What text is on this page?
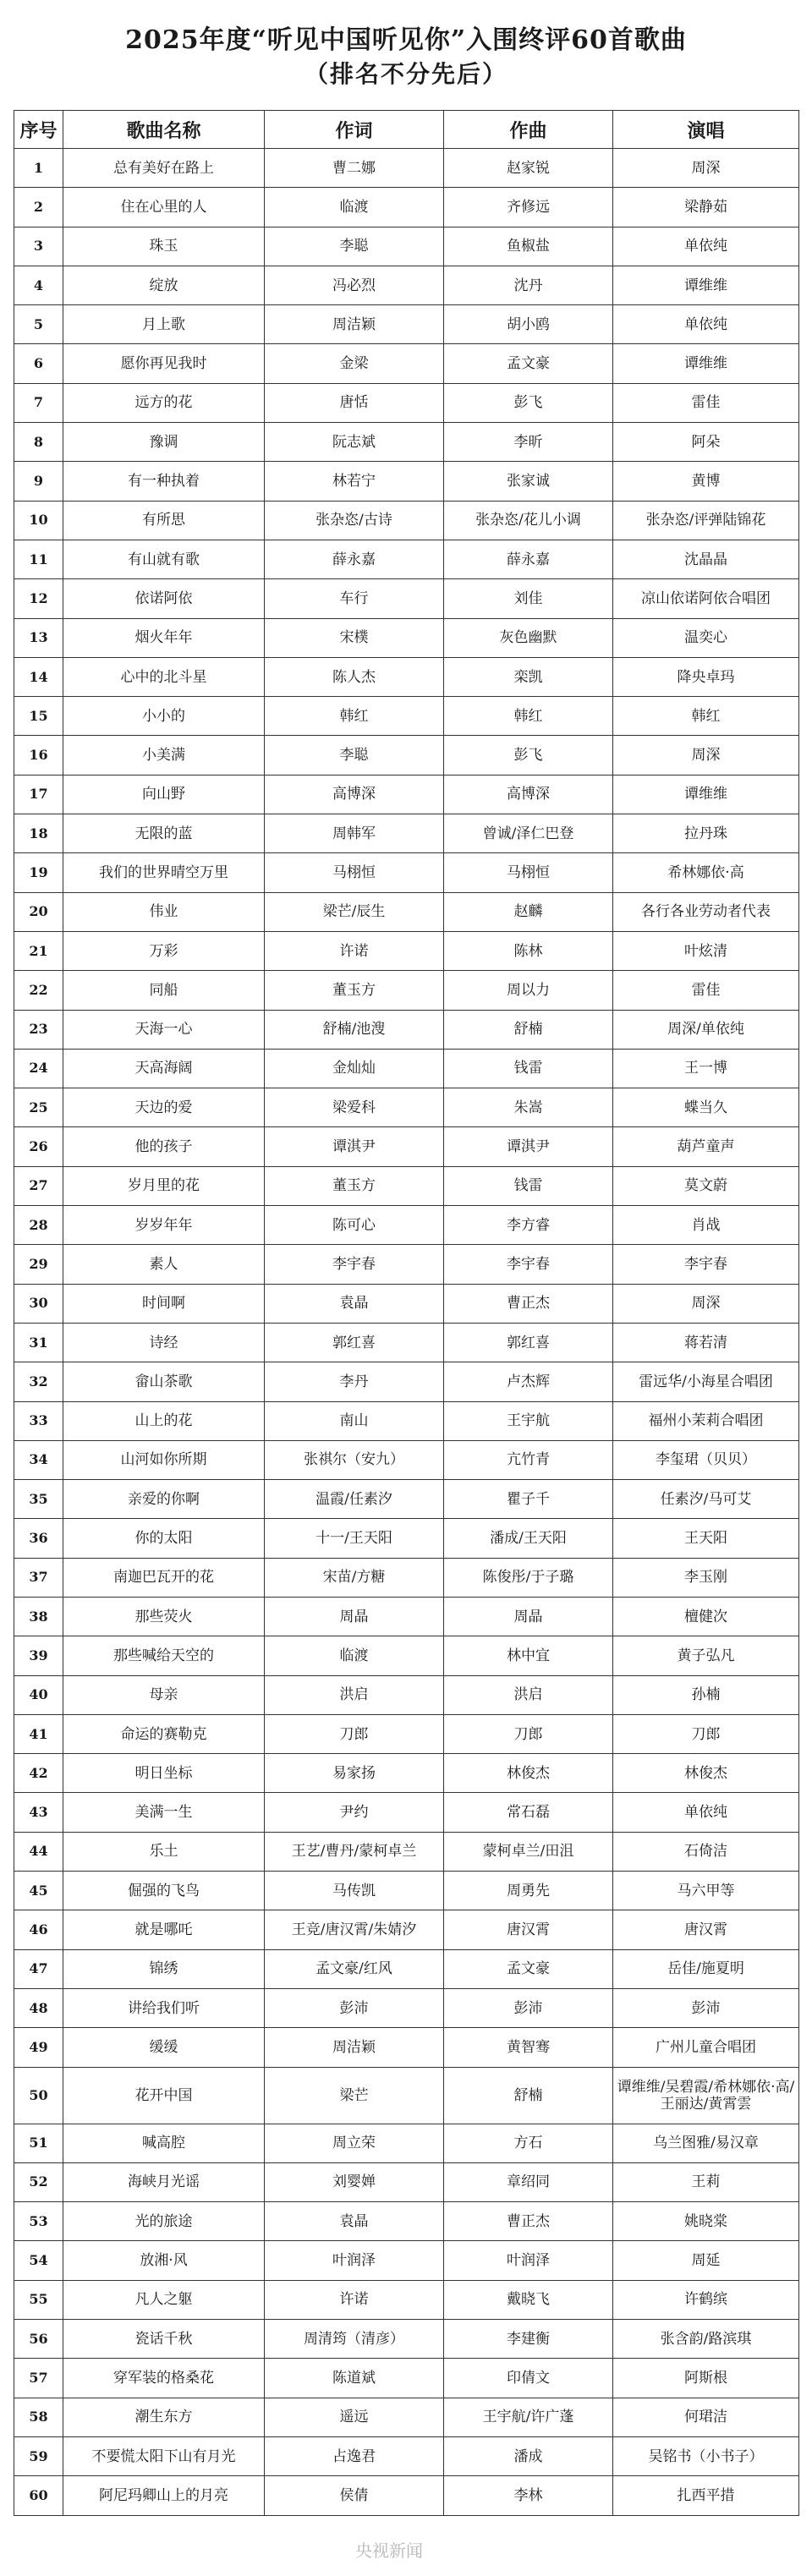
2025年度“听见中国听见你”入围终评60首歌曲
（排名不分先后）
序号	歌曲名称	作词	作曲	演唱
1	总有美好在路上	曹二娜	赵家锐	周深
2	住在心里的人	临渡	齐修远	梁静茹
3	珠玉	李聪	鱼椒盐	单依纯
4	绽放	冯必烈	沈丹	谭维维
5	月上歌	周洁颖	胡小鸥	单依纯
6	愿你再见我时	金梁	孟文豪	谭维维
7	远方的花	唐恬	彭飞	雷佳
8	豫调	阮志斌	李昕	阿朵
9	有一种执着	林若宁	张家诚	黄博
10	有所思	张杂恣/古诗	张杂恣/花儿小调	张杂恣/评弹陆锦花
11	有山就有歌	薛永嘉	薛永嘉	沈晶晶
12	依诺阿依	车行	刘佳	凉山依诺阿依合唱团
13	烟火年年	宋樸	灰色幽默	温奕心
14	心中的北斗星	陈人杰	栾凯	降央卓玛
15	小小的	韩红	韩红	韩红
16	小美满	李聪	彭飞	周深
17	向山野	高博深	高博深	谭维维
18	无限的蓝	周韩军	曾诚/泽仁巴登	拉丹珠
19	我们的世界晴空万里	马栩恒	马栩恒	希林娜依·高
20	伟业	梁芒/辰生	赵麟	各行各业劳动者代表
21	万彩	许诺	陈林	叶炫清
22	同船	董玉方	周以力	雷佳
23	天海一心	舒楠/池溲	舒楠	周深/单依纯
24	天高海阔	金灿灿	钱雷	王一博
25	天边的爱	梁爱科	朱嵩	蝶当久
26	他的孩子	谭淇尹	谭淇尹	葫芦童声
27	岁月里的花	董玉方	钱雷	莫文蔚
28	岁岁年年	陈可心	李方睿	肖战
29	素人	李宇春	李宇春	李宇春
30	时间啊	袁晶	曹正杰	周深
31	诗经	郭红喜	郭红喜	蒋若清
32	畲山茶歌	李丹	卢杰辉	雷远华/小海星合唱团
33	山上的花	南山	王宇航	福州小茉莉合唱团
34	山河如你所期	张祺尔（安九）	亢竹青	李玺珺（贝贝）
35	亲爱的你啊	温霞/任素汐	瞿子千	任素汐/马可艾
36	你的太阳	十一/王天阳	潘成/王天阳	王天阳
37	南迦巴瓦开的花	宋苗/方糖	陈俊彤/于子璐	李玉刚
38	那些荧火	周晶	周晶	檀健次
39	那些喊给天空的	临渡	林中宜	黄子弘凡
40	母亲	洪启	洪启	孙楠
41	命运的赛勒克	刀郎	刀郎	刀郎
42	明日坐标	易家扬	林俊杰	林俊杰
43	美满一生	尹约	常石磊	单依纯
44	乐土	王艺/曹丹/蒙柯卓兰	蒙柯卓兰/田沮	石倚洁
45	倔强的飞鸟	马传凯	周勇先	马六甲等
46	就是哪吒	王竞/唐汉霄/朱婧汐	唐汉霄	唐汉霄
47	锦绣	孟文豪/红风	孟文豪	岳佳/施夏明
48	讲给我们听	彭沛	彭沛	彭沛
49	缓缓	周洁颖	黄智骞	广州儿童合唱团
50	花开中国	梁芒	舒楠	谭维维/吴碧霞/希林娜依·高/王丽达/黄霄雲
51	喊高腔	周立荣	方石	乌兰图雅/易汉章
52	海峡月光谣	刘婴婵	章绍同	王莉
53	光的旅途	袁晶	曹正杰	姚晓棠
54	放湘·风	叶润泽	叶润泽	周延
55	凡人之躯	许诺	戴晓飞	许鹤缤
56	瓷话千秋	周清筠（清彦）	李建衡	张含韵/路滨琪
57	穿军装的格桑花	陈道斌	印倩文	阿斯根
58	潮生东方	遥远	王宇航/许广蓬	何珺洁
59	不要慌太阳下山有月光	占逸君	潘成	吴铭书（小书子）
60	阿尼玛卿山上的月亮	侯倩	李林	扎西平措
央视新闻
